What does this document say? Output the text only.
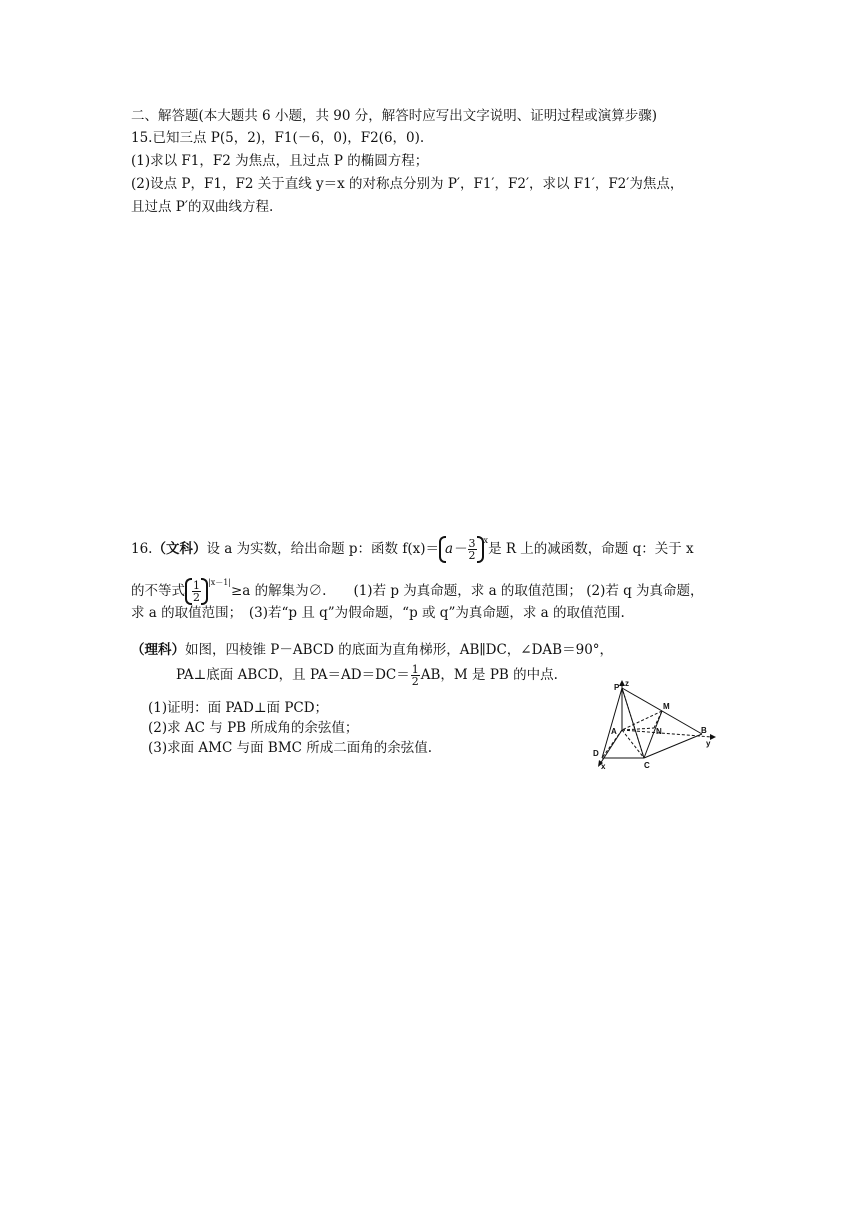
二、解答题(本大题共 6 小题，共 90 分，解答时应写出文字说明、证明过程或演算步骤)
15.已知三点 P(5，2)，F1(－6，0)，F2(6，0).
(1)求以 F1，F2 为焦点，且过点 P 的椭圆方程；
(2)设点 P，F1，F2 关于直线 y＝x 的对称点分别为 P′，F1′，F2′，求以 F1′，F2′为焦点，
且过点 P′的双曲线方程.
16.（文科）设 a 为实数，给出命题 p：函数 $f(x)= a- \frac{3}{2} ^x$是 R 上的减函数，命题 q：关于 x
的不等式 $\frac{1}{2} ^{|x-1|}\ge a$ 的解集为∅.　　(1)若 p 为真命题，求 a 的取值范围； (2)若 q 为真命题，
求 a 的取值范围；　(3)若“p 且 q”为假命题，“p 或 q”为真命题，求 a 的取值范围.
（理科）如图，四棱锥 P－ABCD 的底面为直角梯形，AB∥DC，∠DAB＝90°，
PA⊥底面 ABCD，且 $PA=AD=DC= \frac{1}{2}$ AB，M 是 PB 的中点.
(1)证明：面 PAD⊥面 PCD；
(2)求 AC 与 PB 所成角的余弦值；
(3)求面 AMC 与面 BMC 所成二面角的余弦值.
P z
M
A	N	B
y
D
x	C
